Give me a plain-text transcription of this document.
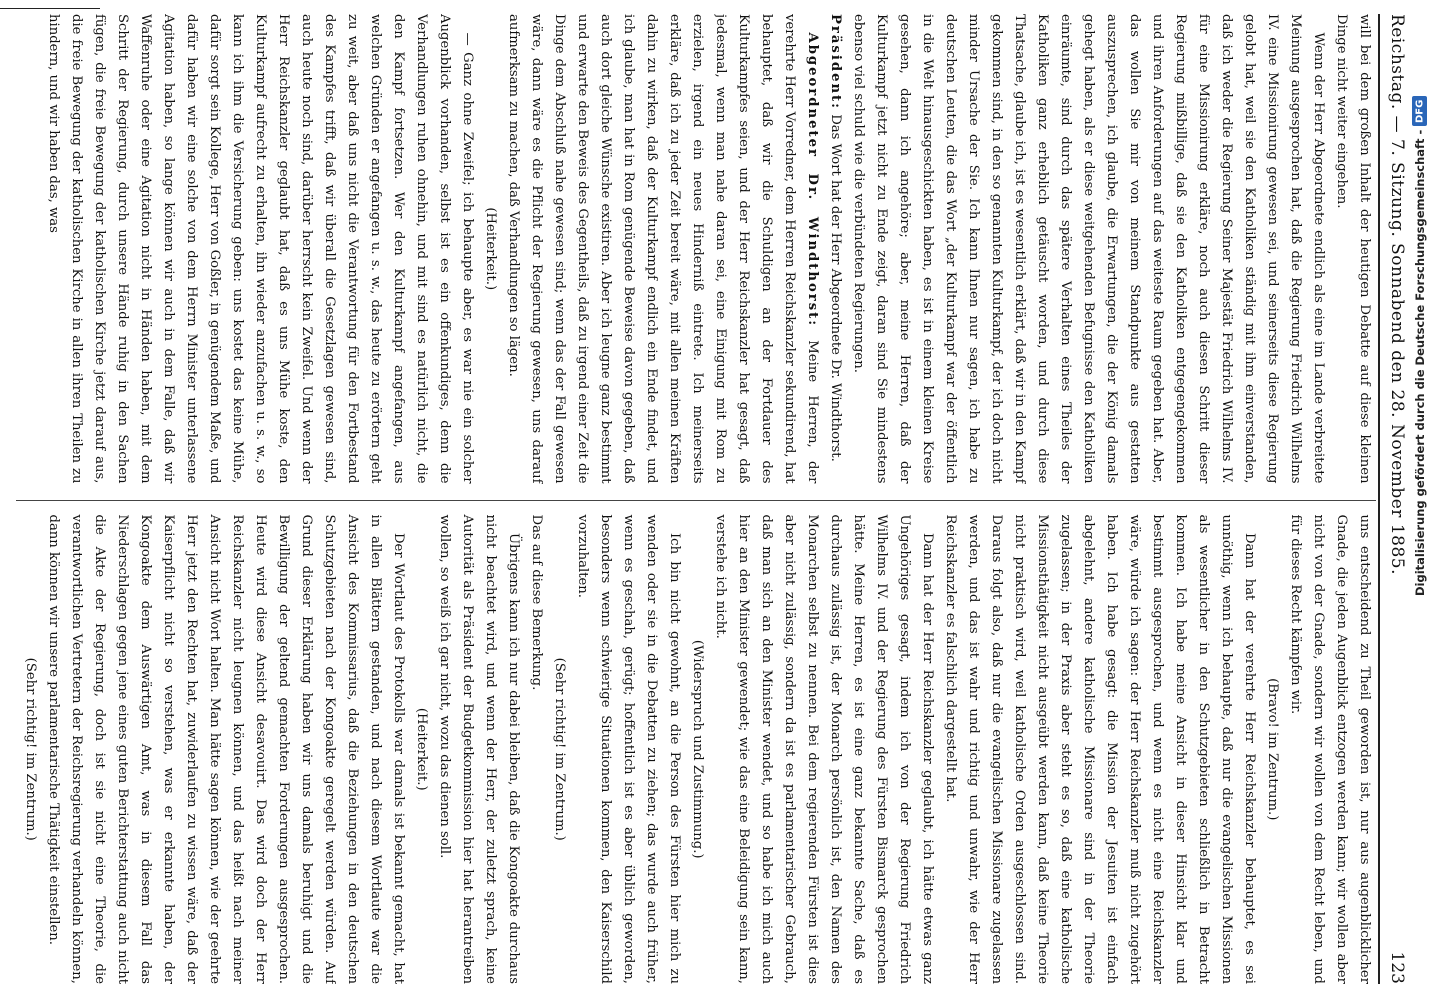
Reichstag. — 7. Sitzung. Sonnabend den 28. November 1885.
123

will bei dem großen Inhalt der heutigen Debatte auf diese kleinen Dinge nicht weiter eingehen.

Wenn der Herr Abgeordnete endlich als eine im Lande verbreitete Meinung ausgesprochen hat, daß die Regierung Friedrich Wilhelms IV. eine Missionirung gewesen sei, und seinerseits diese Regierung gelobt hat, weil sie den Katholiken ständig mit ihm einverstanden, daß ich weder die Regierung Seiner Majestät Friedrich Wilhelms IV. für eine Missionirung erkläre, noch auch diesen Schritt dieser Regierung mißbillige, daß sie den Katholiken entgegengekommen und ihren Anforderungen auf das weiteste Raum gegeben hat. Aber, das wollen Sie mir von meinem Standpunkte aus gestatten auszusprechen, ich glaube, die Erwartungen, die der König damals gehegt haben, als er diese weitgehenden Befugnisse den Katholiken einräumte, sind durch das spätere Verhalten eines Theiles der Katholiken ganz erheblich getäuscht worden, und durch diese Thatsache, glaube ich, ist es wesentlich erklärt, daß wir in den Kampf gekommen sind, in den so genannten Kulturkampf, der ich doch nicht minder Ursache der Sie. Ich kann Ihnen nur sagen, ich habe zu deutschen Leuten, die das Wort „der Kulturkampf war der öffentlich in die Welt hinausgeschickten haben, es ist in einem kleinen Kreise gesehen, dann ich angehöre; aber, meine Herren, daß der Kulturkampf jetzt nicht zu Ende zeigt, daran sind Sie mindestens ebenso viel schuld wie die verbündeten Regierungen.

Präsident: Das Wort hat der Herr Abgeordnete Dr. Windthorst.

Abgeordneter Dr. Windthorst: Meine Herren, der verehrte Herr Vorredner, dem Herren Reichskanzler sekundirend, hat behauptet, daß wir die Schuldigen an der Fortdauer des Kulturkampfes seien, und der Herr Reichskanzler hat gesagt, daß jedesmal, wenn man nahe daran sei, eine Einigung mit Rom zu erzielen, irgend ein neues Hinderniß eintrete. Ich meinerseits erkläre, daß ich zu jeder Zeit bereit wäre, mit allen meinen Kräften dahin zu wirken, daß der Kulturkampf endlich ein Ende findet, und ich glaube, man hat in Rom genügende Beweise davon gegeben, daß auch dort gleiche Wünsche existiren. Aber ich leugne ganz bestimmt und erwarte den Beweis des Gegentheils, daß zu irgend einer Zeit die Dinge dem Abschluß nahe gewesen sind; wenn das der Fall gewesen wäre, dann wäre es die Pflicht der Regierung gewesen, uns darauf aufmerksam zu machen, daß Verhandlungen so lägen.

(Heiterkeit.)

— Ganz ohne Zweifel; ich behaupte aber, es war nie ein solcher Augenblick vorhanden, selbst ist es ein offenkundiges, denn die Verhandlungen ruhen ohnehin, und mit sind es natürlich nicht, die den Kampf fortsetzen. Wer den Kulturkampf angefangen, aus welchen Gründen er angefangen u. s. w., das heute zu erörtern geht zu weit, aber daß uns nicht die Verantwortung für den Fortbestand des Kampfes trifft, daß wir überall die Gesetzlagen gewesen sind, auch heute noch sind, darüber herrscht kein Zweifel. Und wenn der Herr Reichskanzler geglaubt hat, daß es uns Mühe koste, den Kulturkampf aufrecht zu erhalten, ihn wieder anzufachen u. s. w., so kann ich ihm die Versicherung geben: uns kostet das keine Mühe, dafür sorgt sein Kollege, Herr von Goßler, in genügendem Maße, und dafür haben wir eine solche von dem Herrn Minister unterlassene Agitation haben, so lange können wir auch in dem Falle, daß wir Waffenruhe oder eine Agitation nicht in Händen haben, mit dem Schritt der Regierung, durch unsere Hände ruhig in den Sachen fügen, die freie Bewegung der katholischen Kirche jetzt darauf aus, die freie Bewegung der katholischen Kirche in allen ihren Theilen zu hindern, und wir haben das, was

uns entscheidend zu Theil geworden ist, nur aus augenblicklicher Gnade, die jeden Augenblick entzogen werden kann; wir wollen aber nicht von der Gnade, sondern wir wollen von dem Recht leben, und für dieses Recht kämpfen wir.

(Bravo! im Zentrum.)

Dann hat der verehrte Herr Reichskanzler behauptet, es sei unnöthig, wenn ich behaupte, daß nur die evangelischen Missionen als wesentlicher in den Schutzgebieten schließlich in Betracht kommen. Ich habe meine Ansicht in dieser Hinsicht klar und bestimmt ausgesprochen, und wenn es nicht eine Reichskanzler wäre, würde ich sagen: der Herr Reichskanzler muß nicht zugehört haben. Ich habe gesagt: die Mission der Jesuiten ist einfach abgelehnt, andere katholische Missionare sind in der Theorie zugelassen; in der Praxis aber steht es so, daß eine katholische Missionsthätigkeit nicht ausgeübt werden kann, daß keine Theorie nicht praktisch wird, weil katholische Orden ausgeschlossen sind. Daraus folgt also, daß nur die evangelischen Missionare zugelassen werden, und das ist wahr und richtig und unwahr, wie der Herr Reichskanzler es falschlich dargestellt hat.

Dann hat der Herr Reichskanzler geglaubt, ich hätte etwas ganz Ungehöriges gesagt, indem ich von der Regierung Friedrich Wilhelms IV. und der Regierung des Fürsten Bismarck gesprochen hätte. Meine Herren, es ist eine ganz bekannte Sache, daß es durchaus zulässig ist, der Monarch persönlich ist, den Namen des Monarchen selbst zu nennen. Bei dem regierenden Fürsten ist dies aber nicht zulässig, sondern da ist es parlamentarischer Gebrauch, daß man sich an den Minister wendet, und so habe ich mich auch hier an den Minister gewendet; wie das eine Beleidigung sein kann, verstehe ich nicht.

(Widerspruch und Zustimmung.)

Ich bin nicht gewohnt, an die Person des Fürsten hier mich zu wenden oder sie in die Debatten zu ziehen; das wurde auch früher, wenn es geschah, gerügt; hoffentlich ist es aber üblich geworden, besonders wenn schwierige Situationen kommen, den Kaiserschild vorzuhalten.

(Sehr richtig! im Zentrum.)

Das auf diese Bemerkung.

Übrigens kann ich nur dabei bleiben, daß die Kongoakte durchaus nicht beachtet wird, und wenn der Herr, der zuletzt sprach, keine Autorität als Präsident der Budgetkommission hier hat herantreiben wollen, so weiß ich gar nicht, wozu das dienen soll.

(Heiterkeit.)

Der Wortlaut des Protokolls war damals ist bekannt gemacht, hat in allen Blättern gestanden, und nach diesem Wortlaute war die Ansicht des Kommissarius, daß die Beziehungen in den deutschen Schutzgebieten nach der Kongoakte geregelt werden würden. Auf Grund dieser Erklärung haben wir uns damals beruhigt und die Bewilligung der geltend gemachten Forderungen ausgesprochen. Heute wird diese Ansicht desavouirt. Das wird doch der Herr Reichskanzler nicht leugnen können, und das heißt nach meiner Ansicht nicht Wort halten. Man hätte sagen können, wie der geehrte Herr jetzt den Rechten hat, zuwiderlaufen zu wissen wäre, daß der Kaiserpflicht nicht so verstehen, was er erkannte haben, der Kongoakte dem Auswärtigen Amt, was in diesem Fall das Niederschlagen gegen jene eines guten Berichterstattung auch nicht die Akte der Regierung, doch ist sie nicht eine Theorie, die verantwortlichen Vertretern der Reichsregierung verhandeln können, dann können wir unsere parlamentarische Thätigkeit einstellen.

(Sehr richtig! im Zentrum.)

Digitalisierung gefördert durch die Deutsche Forschungsgemeinschaft -
DFG
